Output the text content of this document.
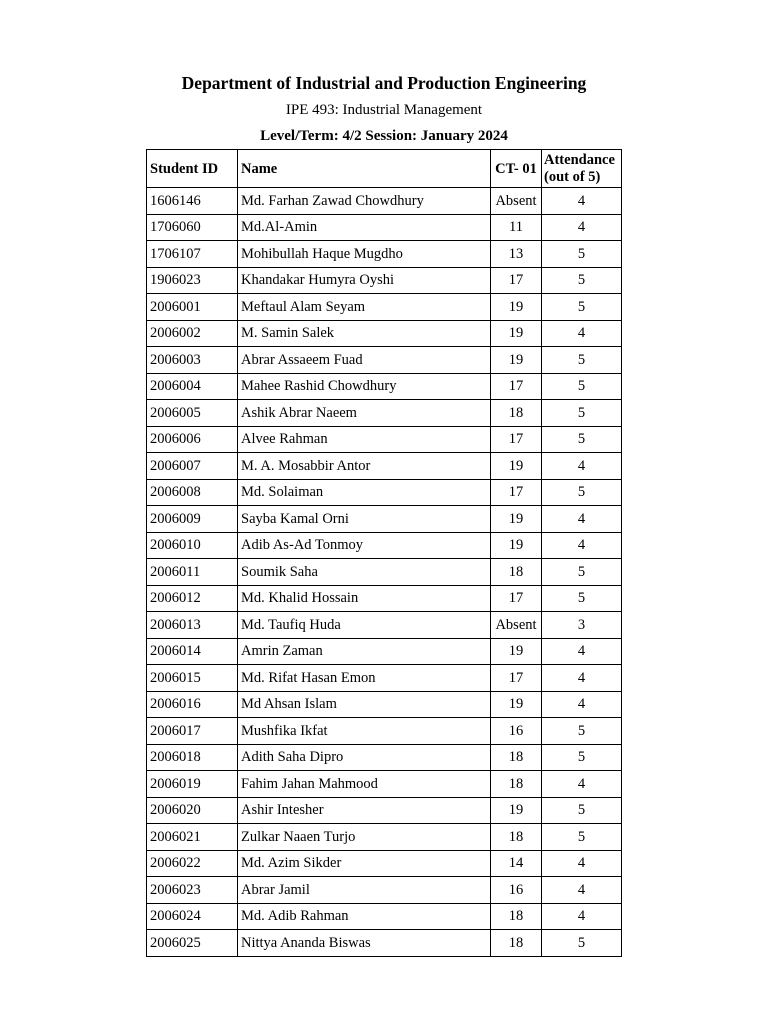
Department of Industrial and Production Engineering
IPE 493: Industrial Management
Level/Term: 4/2 Session: January 2024
Student ID	Name	CT- 01	Attendance (out of 5)
1606146	Md. Farhan Zawad Chowdhury	Absent	4
1706060	Md.Al-Amin	11	4
1706107	Mohibullah Haque Mugdho	13	5
1906023	Khandakar Humyra Oyshi	17	5
2006001	Meftaul Alam Seyam	19	5
2006002	M. Samin Salek	19	4
2006003	Abrar Assaeem Fuad	19	5
2006004	Mahee Rashid Chowdhury	17	5
2006005	Ashik Abrar Naeem	18	5
2006006	Alvee Rahman	17	5
2006007	M. A. Mosabbir Antor	19	4
2006008	Md. Solaiman	17	5
2006009	Sayba Kamal Orni	19	4
2006010	Adib As-Ad Tonmoy	19	4
2006011	Soumik Saha	18	5
2006012	Md. Khalid Hossain	17	5
2006013	Md. Taufiq Huda	Absent	3
2006014	Amrin Zaman	19	4
2006015	Md. Rifat Hasan Emon	17	4
2006016	Md Ahsan Islam	19	4
2006017	Mushfika Ikfat	16	5
2006018	Adith Saha Dipro	18	5
2006019	Fahim Jahan Mahmood	18	4
2006020	Ashir Intesher	19	5
2006021	Zulkar Naaen Turjo	18	5
2006022	Md. Azim Sikder	14	4
2006023	Abrar Jamil	16	4
2006024	Md. Adib Rahman	18	4
2006025	Nittya Ananda Biswas	18	5
